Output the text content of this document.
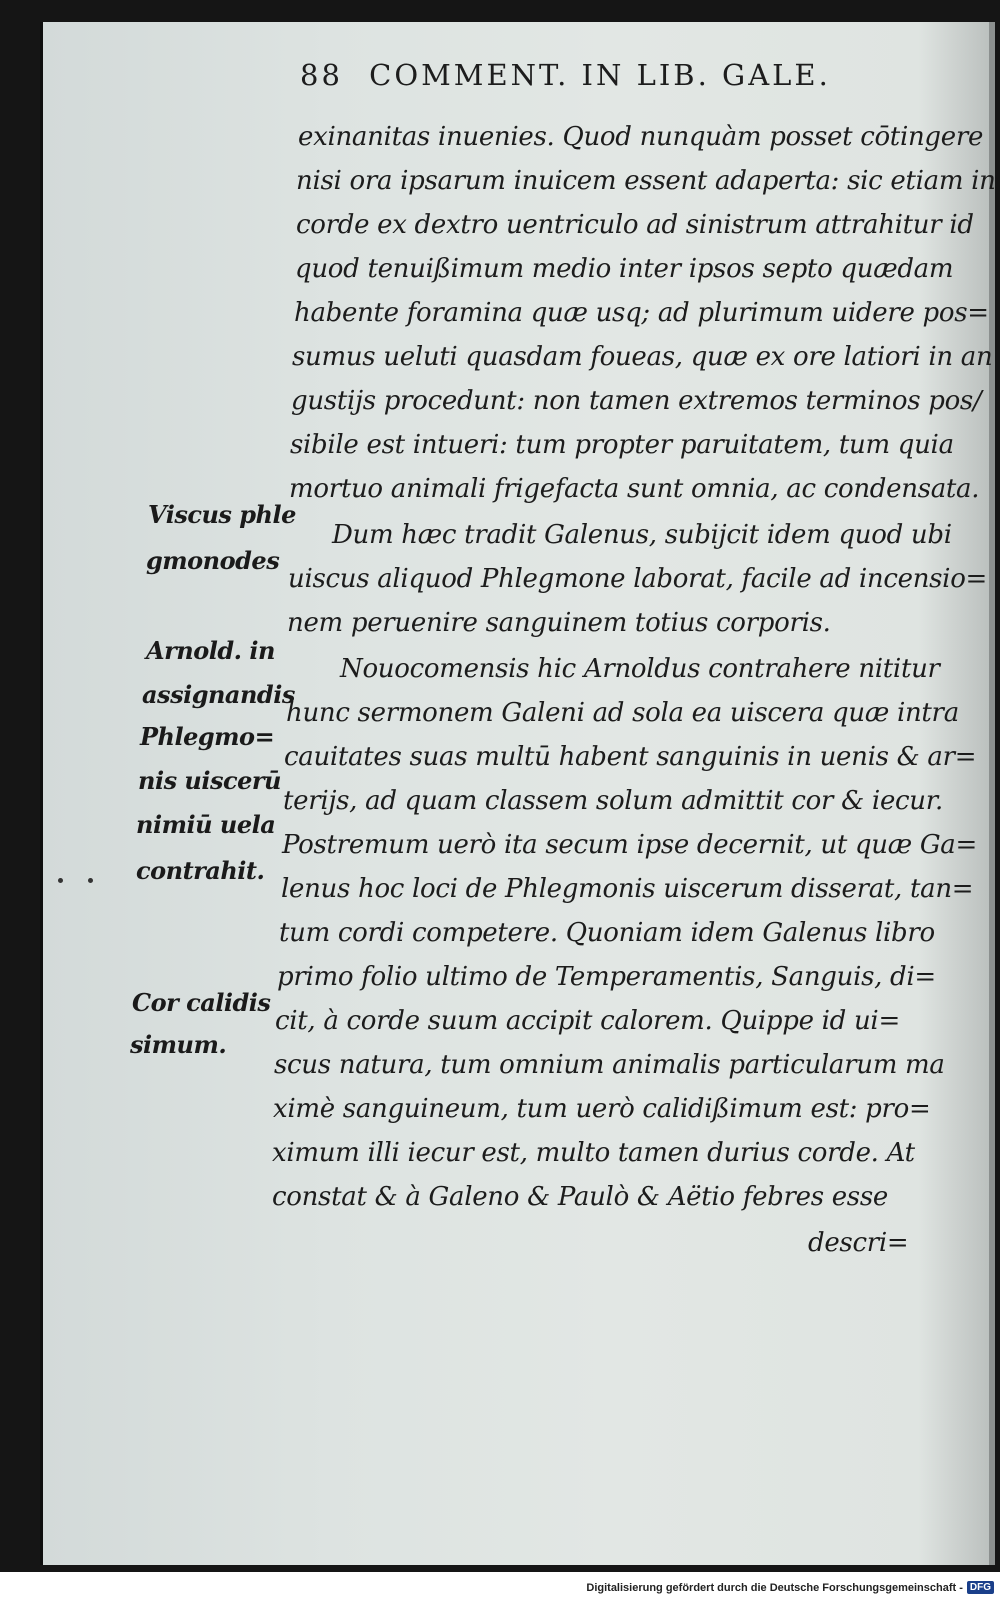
88 COMMENT. IN LIB. GALE.
exinanitas inuenies. Quod nunquàm posset cōtingere
nisi ora ipsarum inuicem essent adaperta: sic etiam in
corde ex dextro uentriculo ad sinistrum attrahitur id
quod tenuißimum medio inter ipsos septo quædam
habente foramina quæ usq; ad plurimum uidere pos=
sumus ueluti quasdam foueas, quæ ex ore latiori in an
gustijs procedunt: non tamen extremos terminos pos/
sibile est intueri: tum propter paruitatem, tum quia
mortuo animali frigefacta sunt omnia, ac condensata.
Dum hæc tradit Galenus, subijcit idem quod ubi
uiscus aliquod Phlegmone laborat, facile ad incensio=
nem peruenire sanguinem totius corporis.
Nouocomensis hic Arnoldus contrahere nititur
hunc sermonem Galeni ad sola ea uiscera quæ intra
cauitates suas multū habent sanguinis in uenis & ar=
terijs, ad quam classem solum admittit cor & iecur.
Postremum uerò ita secum ipse decernit, ut quæ Ga=
lenus hoc loci de Phlegmonis uiscerum disserat, tan=
tum cordi competere. Quoniam idem Galenus libro
primo folio ultimo de Temperamentis, Sanguis, di=
cit, à corde suum accipit calorem. Quippe id ui=
scus natura, tum omnium animalis particularum ma
ximè sanguineum, tum uerò calidißimum est: pro=
ximum illi iecur est, multo tamen durius corde. At
constat & à Galeno & Paulò & Aëtio febres esse
descri=
Viscus phle
gmonodes
Arnold. in
assignandis
Phlegmo=
nis uiscerū
nimiū uela
contrahit.
Cor calidis
simum.
Digitalisierung gefördert durch die Deutsche Forschungsgemeinschaft - DFG
